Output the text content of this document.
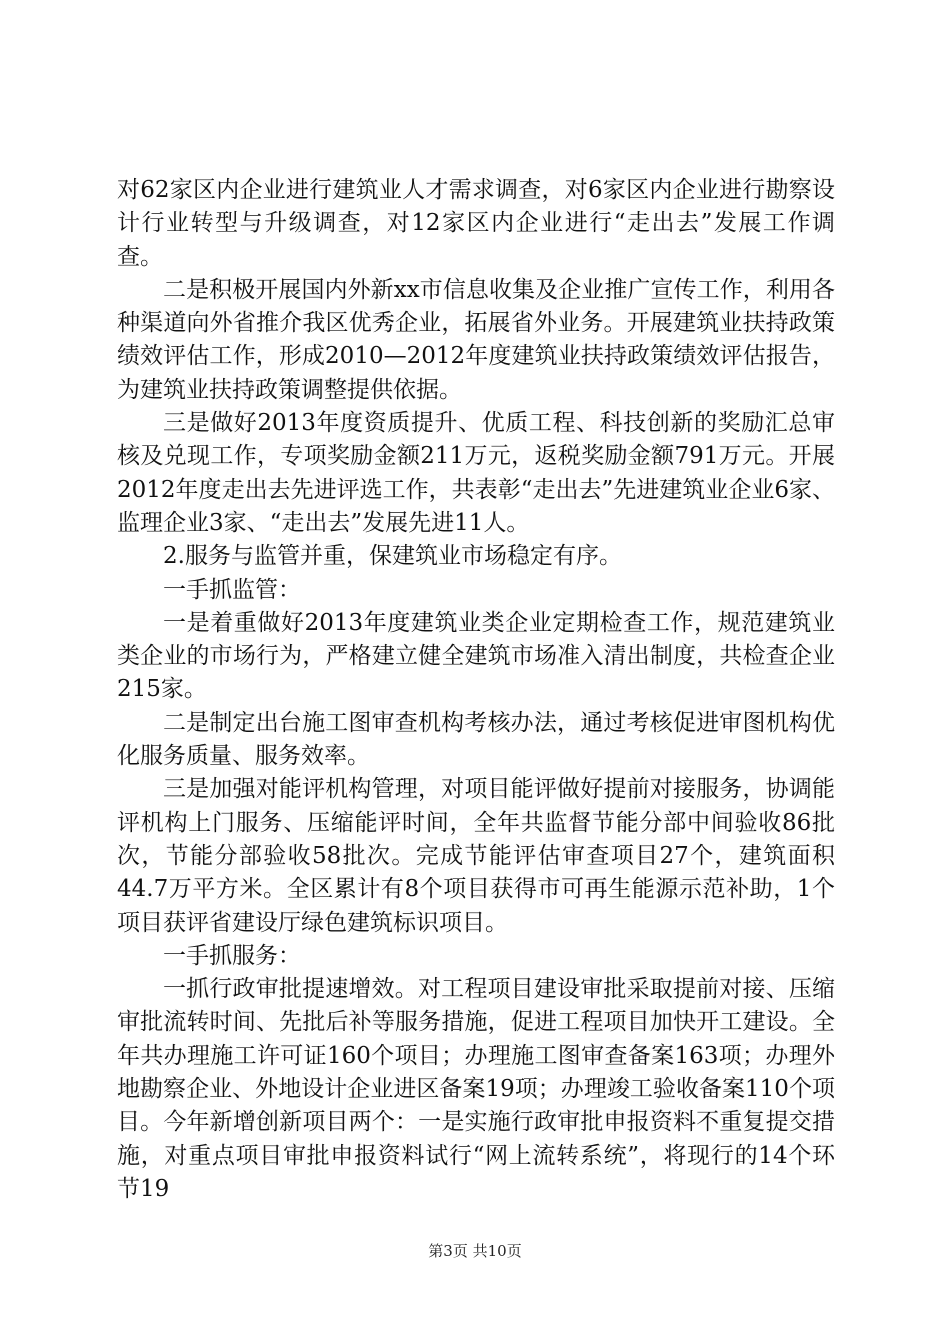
对62家区内企业进行建筑业人才需求调查，对6家区内企业进行勘察设计行业转型与升级调查，对12家区内企业进行“走出去”发展工作调查。

二是积极开展国内外新xx市信息收集及企业推广宣传工作，利用各种渠道向外省推介我区优秀企业，拓展省外业务。开展建筑业扶持政策绩效评估工作，形成2010—2012年度建筑业扶持政策绩效评估报告，为建筑业扶持政策调整提供依据。

三是做好2013年度资质提升、优质工程、科技创新的奖励汇总审核及兑现工作，专项奖励金额211万元，返税奖励金额791万元。开展2012年度走出去先进评选工作，共表彰“走出去”先进建筑业企业6家、监理企业3家、“走出去”发展先进11人。

2.服务与监管并重，保建筑业市场稳定有序。

一手抓监管：

一是着重做好2013年度建筑业类企业定期检查工作，规范建筑业类企业的市场行为，严格建立健全建筑市场准入清出制度，共检查企业215家。

二是制定出台施工图审查机构考核办法，通过考核促进审图机构优化服务质量、服务效率。

三是加强对能评机构管理，对项目能评做好提前对接服务，协调能评机构上门服务、压缩能评时间，全年共监督节能分部中间验收86批次，节能分部验收58批次。完成节能评估审查项目27个，建筑面积44.7万平方米。全区累计有8个项目获得市可再生能源示范补助，1个项目获评省建设厅绿色建筑标识项目。

一手抓服务：

一抓行政审批提速增效。对工程项目建设审批采取提前对接、压缩审批流转时间、先批后补等服务措施，促进工程项目加快开工建设。全年共办理施工许可证160个项目；办理施工图审查备案163项；办理外地勘察企业、外地设计企业进区备案19项；办理竣工验收备案110个项目。今年新增创新项目两个：一是实施行政审批申报资料不重复提交措施，对重点项目审批申报资料试行“网上流转系统”，将现行的14个环节19

第3页 共10页
